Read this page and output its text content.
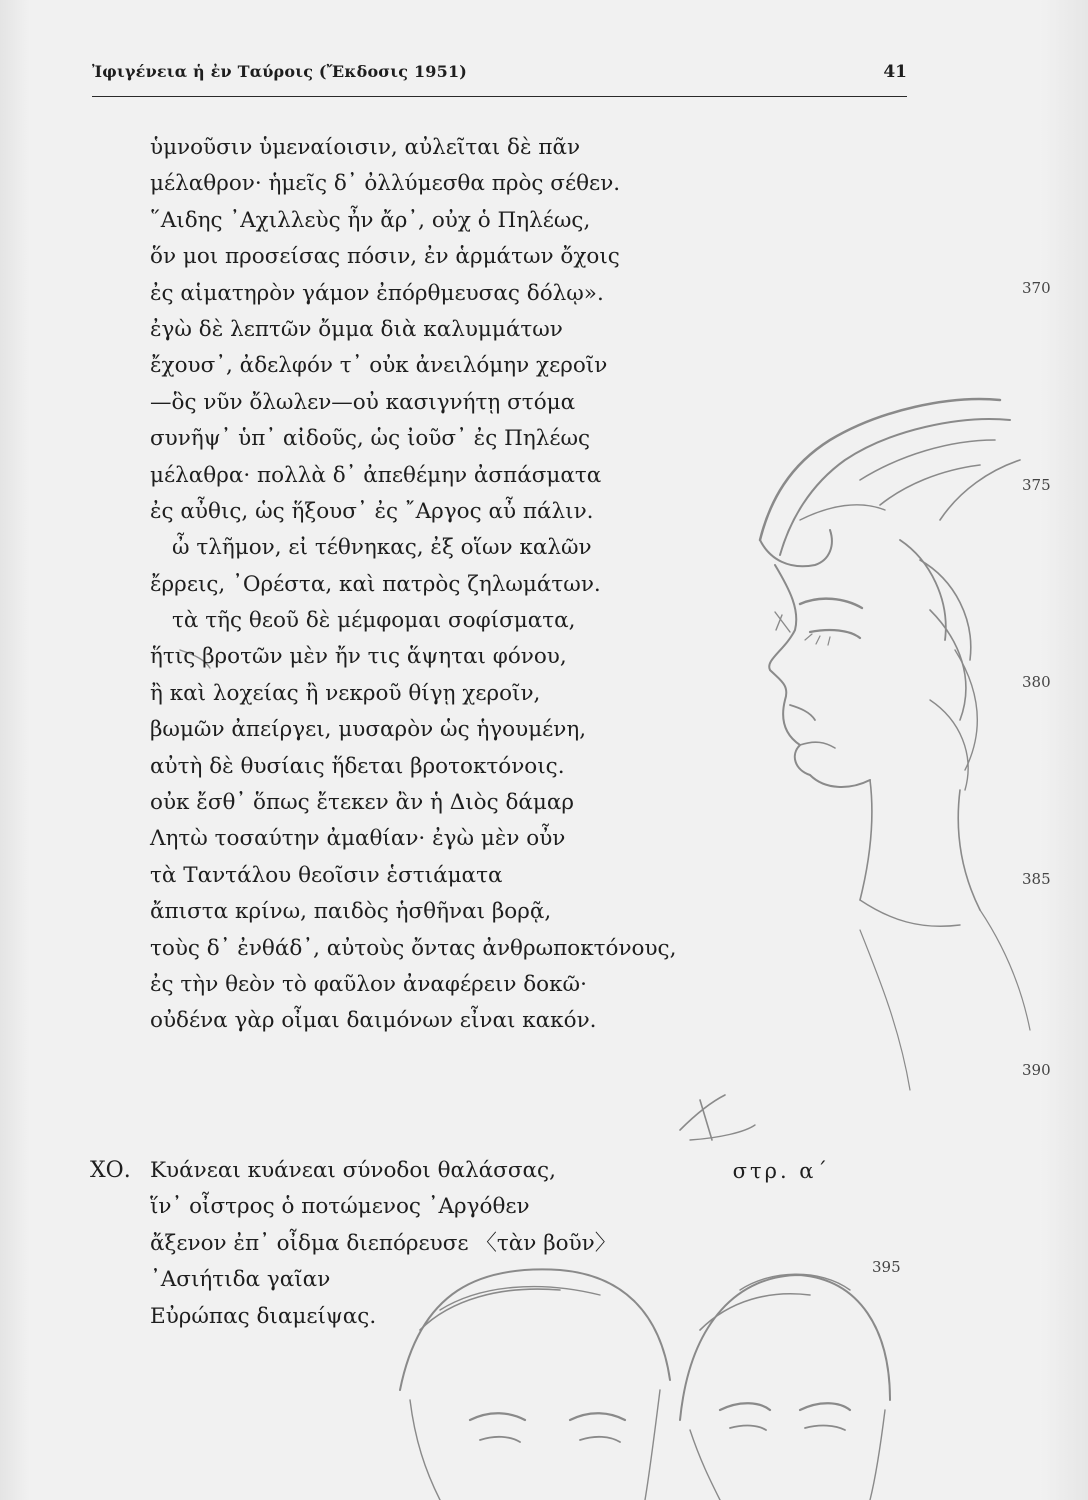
Ἰφιγένεια ἡ ἐν Ταύροις (Ἔκδοσις 1951)	41
ὑμνοῦσιν ὑμεναίοισιν, αὐλεῖται δὲ πᾶν
μέλαθρον· ἡμεῖς δ᾿ ὀλλύμεσθα πρὸς σέθεν.
῞Αιδης ᾿Αχιλλεὺς ἦν ἄρ᾿, οὐχ ὁ Πηλέως,
ὅν μοι προσείσας πόσιν, ἐν ἁρμάτων ὄχοις
ἐς αἱματηρὸν γάμον ἐπόρθμευσας δόλῳ».
ἐγὼ δὲ λεπτῶν ὄμμα διὰ καλυμμάτων
ἔχουσ᾿, ἀδελφόν τ᾿ οὐκ ἀνειλόμην χεροῖν
—ὃς νῦν ὄλωλεν—οὐ κασιγνήτῃ στόμα
συνῆψ᾿ ὑπ᾿ αἰδοῦς, ὡς ἰοῦσ᾿ ἐς Πηλέως
μέλαθρα· πολλὰ δ᾿ ἀπεθέμην ἀσπάσματα
ἐς αὖθις, ὡς ἥξουσ᾿ ἐς ῎Αργος αὖ πάλιν.
ὦ τλῆμον, εἰ τέθνηκας, ἐξ οἵων καλῶν
ἔρρεις, ᾿Ορέστα, καὶ πατρὸς ζηλωμάτων.
τὰ τῆς θεοῦ δὲ μέμφομαι σοφίσματα,
ἥτις βροτῶν μὲν ἤν τις ἅψηται φόνου,
ἢ καὶ λοχείας ἢ νεκροῦ θίγῃ χεροῖν,
βωμῶν ἀπείργει, μυσαρὸν ὡς ἡγουμένη,
αὐτὴ δὲ θυσίαις ἥδεται βροτοκτόνοις.
οὐκ ἔσθ᾿ ὅπως ἔτεκεν ἂν ἡ Διὸς δάμαρ
Λητὼ τοσαύτην ἀμαθίαν· ἐγὼ μὲν οὖν
τὰ Ταντάλου θεοῖσιν ἑστιάματα
ἄπιστα κρίνω, παιδὸς ἡσθῆναι βορᾷ,
τοὺς δ᾿ ἐνθάδ᾿, αὐτοὺς ὄντας ἀνθρωποκτόνους,
ἐς τὴν θεὸν τὸ φαῦλον ἀναφέρειν δοκῶ·
οὐδένα γὰρ οἶμαι δαιμόνων εἶναι κακόν.
370
375
380
385
390
ΧΟ.	στρ. α´
Κυάνεαι κυάνεαι σύνοδοι θαλάσσας,
ἵν᾿ οἶστρος ὁ ποτώμενος ᾿Αργόθεν
ἄξενον ἐπ᾿ οἶδμα διεπόρευσε 〈τὰν βοῦν〉
᾿Ασιήτιδα γαῖαν
Εὐρώπας διαμείψας.
395
